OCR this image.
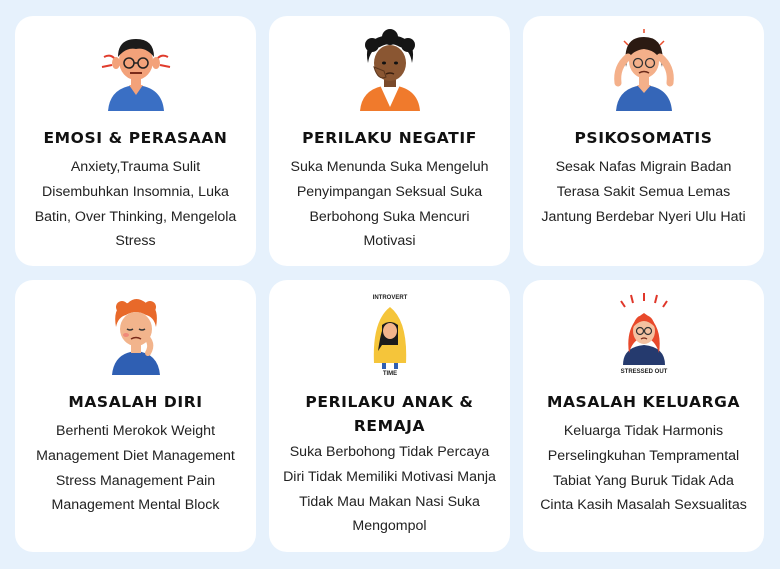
EMOSI & PERASAAN
Anxiety,Trauma Sulit Disembuhkan Insomnia, Luka Batin, Over Thinking, Mengelola Stress
PERILAKU NEGATIF
Suka Menunda Suka Mengeluh Penyimpangan Seksual Suka Berbohong Suka Mencuri Motivasi
PSIKOSOMATIS
Sesak Nafas Migrain Badan Terasa Sakit Semua Lemas Jantung Berdebar Nyeri Ulu Hati
MASALAH DIRI
Berhenti Merokok Weight Management Diet Management Stress Management Pain Management Mental Block
INTROVERT
TIME
PERILAKU ANAK & REMAJA
Suka Berbohong Tidak Percaya Diri Tidak Memiliki Motivasi Manja Tidak Mau Makan Nasi Suka Mengompol
STRESSED OUT
MASALAH KELUARGA
Keluarga Tidak Harmonis Perselingkuhan Tempramental Tabiat Yang Buruk Tidak Ada Cinta Kasih Masalah Sexsualitas
